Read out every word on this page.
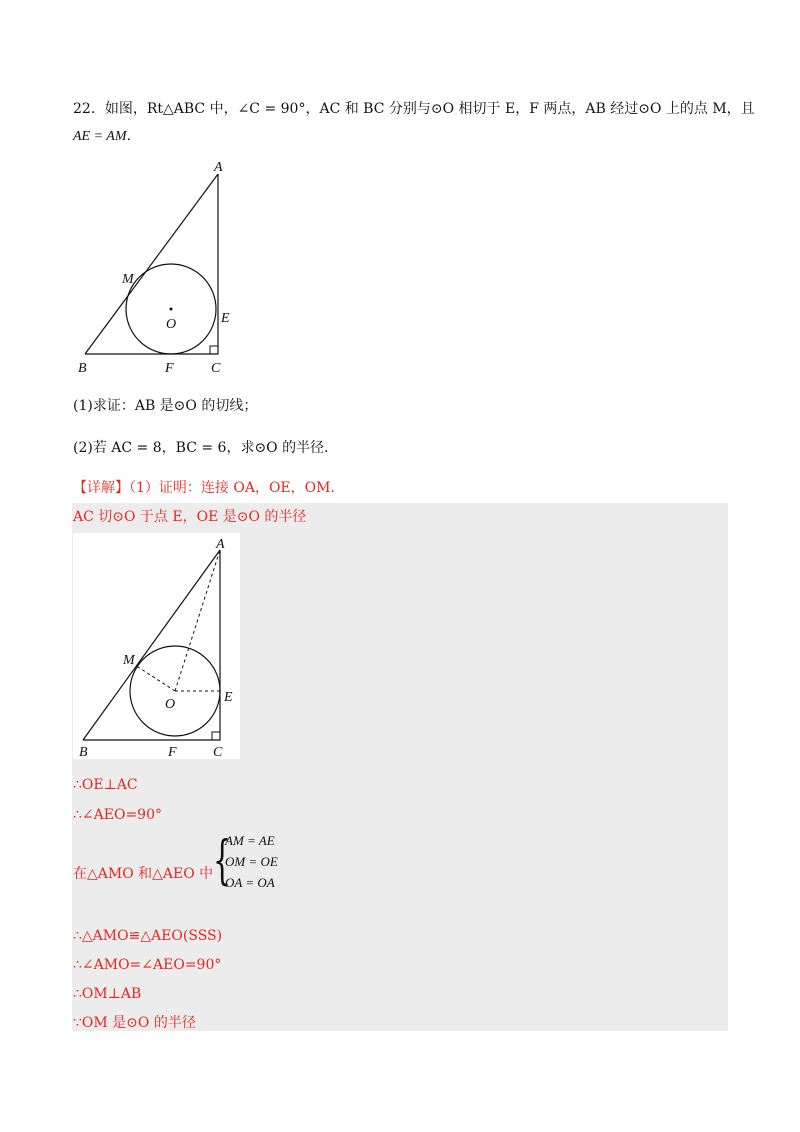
22．如图，Rt△ABC 中，∠C = 90°，AC 和 BC 分别与⊙O 相切于 E，F 两点，AB 经过⊙O 上的点 M，且
AE = AM．
A
B	C
E
F
M
O
(1)求证：AB 是⊙O 的切线；
(2)若 AC = 8，BC = 6，求⊙O 的半径．
【详解】（1）证明：连接 OA，OE，OM．
AC 切⊙O 于点 E，OE 是⊙O 的半径
A
B	C
E
F
M
O
∴OE⊥AC
∴∠AEO=90°
在△AMO 和△AEO 中 {
AM = AE
OM = OE
OA = OA
∴△AMO≌△AEO(SSS)
∴∠AMO=∠AEO=90°
∴OM⊥AB
∵OM 是⊙O 的半径
